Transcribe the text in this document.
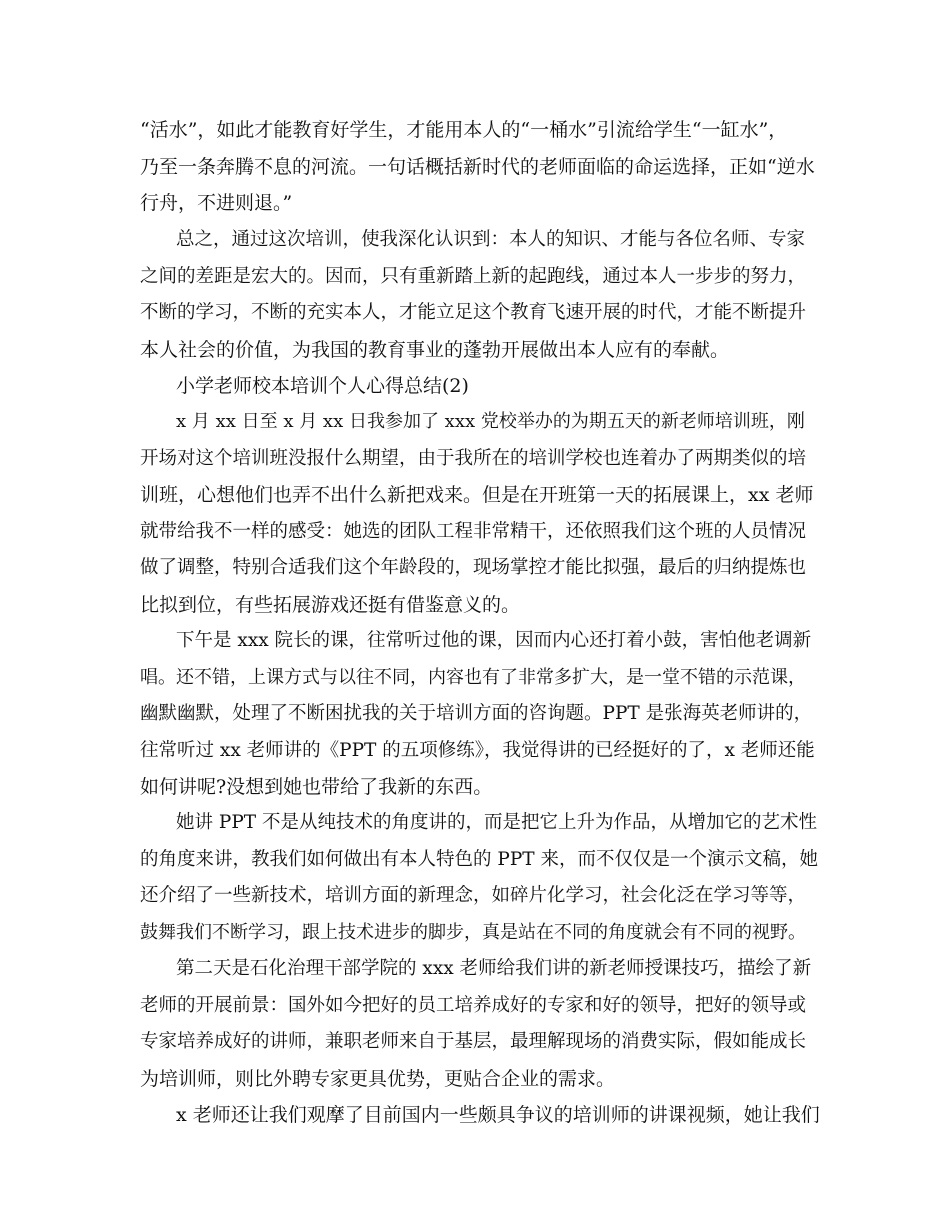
“活水”，如此才能教育好学生，才能用本人的“一桶水”引流给学生“一缸水”，
乃至一条奔腾不息的河流。一句话概括新时代的老师面临的命运选择，正如“逆水
行舟，不进则退。”
总之，通过这次培训，使我深化认识到：本人的知识、才能与各位名师、专家
之间的差距是宏大的。因而，只有重新踏上新的起跑线，通过本人一步步的努力，
不断的学习，不断的充实本人，才能立足这个教育飞速开展的时代，才能不断提升
本人社会的价值，为我国的教育事业的蓬勃开展做出本人应有的奉献。
小学老师校本培训个人心得总结(2)
x 月 xx 日至 x 月 xx 日我参加了 xxx 党校举办的为期五天的新老师培训班，刚
开场对这个培训班没报什么期望，由于我所在的培训学校也连着办了两期类似的培
训班，心想他们也弄不出什么新把戏来。但是在开班第一天的拓展课上，xx 老师
就带给我不一样的感受：她选的团队工程非常精干，还依照我们这个班的人员情况
做了调整，特别合适我们这个年龄段的，现场掌控才能比拟强，最后的归纳提炼也
比拟到位，有些拓展游戏还挺有借鉴意义的。
下午是 xxx 院长的课，往常听过他的课，因而内心还打着小鼓，害怕他老调新
唱。还不错，上课方式与以往不同，内容也有了非常多扩大，是一堂不错的示范课，
幽默幽默，处理了不断困扰我的关于培训方面的咨询题。PPT 是张海英老师讲的，
往常听过 xx 老师讲的《PPT 的五项修练》，我觉得讲的已经挺好的了，x 老师还能
如何讲呢?没想到她也带给了我新的东西。
她讲 PPT 不是从纯技术的角度讲的，而是把它上升为作品，从增加它的艺术性
的角度来讲，教我们如何做出有本人特色的 PPT 来，而不仅仅是一个演示文稿，她
还介绍了一些新技术，培训方面的新理念，如碎片化学习，社会化泛在学习等等，
鼓舞我们不断学习，跟上技术进步的脚步，真是站在不同的角度就会有不同的视野。
第二天是石化治理干部学院的 xxx 老师给我们讲的新老师授课技巧，描绘了新
老师的开展前景：国外如今把好的员工培养成好的专家和好的领导，把好的领导或
专家培养成好的讲师，兼职老师来自于基层，最理解现场的消费实际，假如能成长
为培训师，则比外聘专家更具优势，更贴合企业的需求。
x 老师还让我们观摩了目前国内一些颇具争议的培训师的讲课视频，她让我们
